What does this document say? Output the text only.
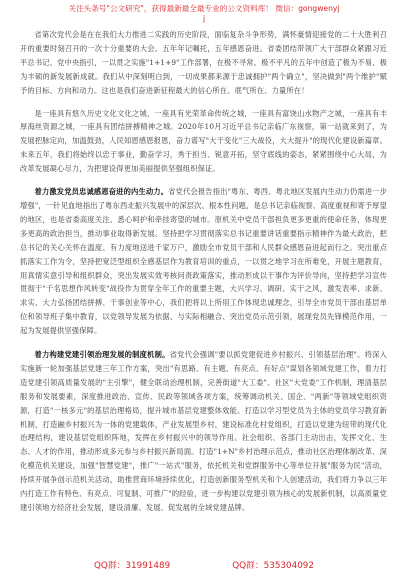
关注头条号"公文研究"，获得最新最全最专业的公文资料库！ 微信：gongwenyj
j

省第次党代会是在在我们大力推进二实践的历史阶段，面临复杂斗争形势，满怀豪情迎接党的二十大胜利召开的重要时刻召开的一次十分重要的大会。五年年记嘱托，五年感恩奋进。省委团结带领广大干部群众紧跟习近平总书记、党中央指引，一以贯之实施"1+1+9"工作部署，在极不寻常、极不平凡的五年中创造了极为不易、极为丰硕的新发展新成就。我们从中深刻明白到，一切成果都来源于忠诚拥护"两个确立"，坚决做到"两个维护"赋予的目标、方向和动力。这也是我们奋进新征程最大的信心所在、底气所在、力量所在！

是一座具有悠久历史文化文化之城，一座具有光荣革命传统之城，一座具有富饶山水物产之城，一座具有丰厚海丝资源之城，一座具有团结拼搏精神之城。2020年10月习近平总书记亲临广东视察，第一站就来到了，为发展把脉定向，加温鼓劲，人民知恩感恩报恩，奋力谱写"大干变化"三大战役，大大提升"的现代化建设新篇章。未来五年，我们将始终以忠于事业，勤奋学习，秀于担当、锐意开拓，坚守底线的姿态，紧紧围绕中心大局，为改革发展凝心尽力，为把建设得更加美丽提供坚强组织保证。

着力激发党员忠诚感恩奋进的内生动力。省党代会报告指出"粤东、粤西、粤北地区发展内生动力仍需进一步增强"，一针见血地指出了粤东西北振兴发展中的深层次、根本性问题，是总书记亲临视察、高度重视和寄予厚望的地区，也是省委高度关注、悉心呵护和牵挂寄望的城市。原机关中党员干部担负更多更重的使命任务，体现更多更高的政治担当，推动事业取得新发展。坚持把学习贯彻落实总书记重要讲话重要指示精神作为最大政治，把总书记的关心关怀在温度、有力度地送进千家万户，激励全市党员干部和人民群众感恩奋进起而行之。突出重点抓落实工作为令，坚持把宽泛型组织全感基层作为教育培训的重点，一以贯之地学习在所难免，开展主题教育，用真情实意引导和组织群众，突出发展实效考核问责政策落实，推动形成以干事作为评价导向，坚持把学习宣传贯彻于"千名思想作风转变"战役作为贯穿全年工作的重要主题，大兴学习、调研、实干之风，激发表率、求新、求实、大力弘扬团结拼搏、干事创业等中心，我们把将以上所用工作体现忠诚理念，引导全市党员干部由基层单位和领导班子集中教育，以党领导发展为依据、与实际相融合、突出党员示范引领，展现党员先锋模范作用，一起为发展提供坚强保障。

着力构建党建引领治理发展的制度机制。省党代会强调"要以抓党建促进乡村振兴、引领基层治理"。将深入实施新一轮加强基层党建三年工作方案，突出"有思路、有主题、有亮点、有好点"谋划各领域党建工作，着力打造党建引领高质量发展的"主引擎"，健全联动治理机制，完善街道"大工委"、社区"大党委"工作机制，理清基层服务和发展要素，深度推进政治、宣传、民政等领域各项方案，统筹调动机关、国企、"两新"等领域党组织资源，打造"一核多元"的基层治理格局，提升城市基层党建整体效能。打造以学习型党员为主体的党员学习教育新机制，打造融乡村振兴为一体的党建载体，产业发展型乡村，建设标准化村党组织，打造以党建为纽带的现代化治理结构，建设基层党组织阵地，发挥在乡村振兴中的领导作用。社会组织、各部门主动出击，发挥文化、生态、人才的作用，推动形成多元参与乡村振兴新局面。打造"1+N"乡村治理示范点，推动社区治理体制改革、深化模范机关建设，加强"智慧党建"，推广"一站式"服务，依托机关和党群服务中心等单位开展"服务为民"活动，持续开展争创示范机关活动，助推营商环境持续优化，打造创新服务型机关和个人创建活动，我们将力争以三年内打造工作有特色、有亮点、可复制、可推广"的经验，进一步构建以党建引领为核心的发展新机制，以高质量党建引领地方经济社会发展，建设清廉、发展、促发展的全域党建品牌。

QQ群：31991489	QQ群：535304092
